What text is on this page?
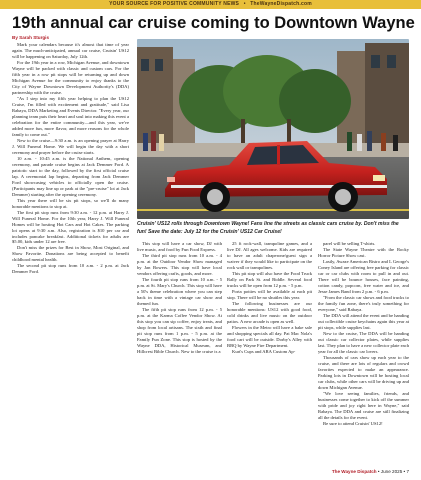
YOUR SOURCE FOR POSITIVE COMMUNITY NEWS • TheWayneDispatch.com
19th annual car cruise coming to Downtown Wayne
By Sarah Sturgis

Mark your calendars because it's almost that time of year again. The much-anticipated, annual car cruise, Cruisin' US12 will be happening on Saturday, July 12th.

For the 19th year in a row, Michigan Avenue, and downtown Wayne will be packed with classic and custom cars. For the fifth year in a row pit stops will be returning up and down Michigan Avenue for the community to enjoy thanks to the City of Wayne Downtown Development Authority's (DDA) partnership with the cruise.

"As I step into my fifth year helping to plan the US12 Cruise, I'm filled with excitement and gratitude," said Lisa Rabaya, DDA Marketing and Events Director. "Every year, our planning team puts their heart and soul into making this event a celebration for the entire community—and this year, we've added more fun, more flavor, and more reasons for the whole family to come out."

New to the cruise—9:30 a.m. is an opening prayer at Harry J. Will Funeral Home. We will begin the day with a short ceremony and prayer before the cruise starts.

10 a.m. - 10:45 a.m. is the National Anthem, opening ceremony, and parade cruise begins at Jack Demmer Ford. A patriotic start to the day, followed by the first official cruise lap. A ceremonial lap begins, departing from Jack Demmer Ford showcasing vehicles to officially open the cruise. (Participants may line up or park at the "pre-cruise" lot at Jack Demmer) starting after the opening ceremony.

This year there will be six pit stops, so we'll do many honorable mentions to stop at.

The first pit stop runs from 9:30 a.m. - 12 p.m. at Harry J. Will Funeral Home. For the 10th year, Harry J. Will Funeral Homes will be hosting Hot Cars and Hot Cakes. The parking lot opens at 9:30 a.m. Also, registration is $10 per car and includes pancake breakfast. Additional tickets for adults are $5.00, kids under 12 are free.

Don't miss the prizes for Best in Show, Most Original, and Show Favorite. Donations are being accepted to benefit childhood mental health.

The second pit stop runs from 10 a.m. - 2 p.m. at Jack Demmer Ford.

Cruisin' US12 rolls through Downtown Wayne! Fans line the streets as classic cars cruise by. Don't miss the fun! Save the date: July 12 for the Cruisin' US12 Car Cruise!

This stop will have a car show, DJ with live music, and food by Fun Food Express.

The third pit stop runs from 10 a.m. - 4 p.m. at the Outdoor Vendor Show managed by Jan Bowers. This stop will have local vendors offering crafts, goods, and more.

The fourth pit stop runs from 10 a.m. - 5 p.m. at St. Mary's Church. This stop will have a 50's theme celebration where you can step back in time with a vintage car show and themed fun.

The fifth pit stop runs from 12 p.m. - 5 p.m. at the Karma Coffee Vendor Show. At this stop you can sip coffee, enjoy treats, and shop from local artisans. The sixth and final pit stop runs from 1 p.m. - 5 p.m. at the Family Fun Zone. This stop is hosted by the Wayne DDA, Historical Museum, and Hillcrest Bible Church. New to the cruise is a

25 ft rock-wall, trampoline games, and a live DJ. All ages welcome. Kids are required to have an adult chaperone/guest sign a waiver if they would like to participate on the rock wall or trampolines.

This pit stop will also have the Food Truck Rally on Park St. and Biddle. Several food trucks will be open from 12 p.m. - 5 p.m.

Porta potties will be available at each pit stop. There will be no shuttles this year.

The following businesses are our honorable mentions: US12 with good food, cold drinks and live music on the outdoor patios. A new arcade is open as well.

Flowers in the Metro will have a bake sale and shopping specials all day. Pat Mac Nola's food cart will be outside. Dorby's Alley with BBQ by Wayne Fire Department.

Kurt's Cups and ARA Custom Ap-

parel will be selling T-shirts.

The State Wayne Theatre with the Rocky Horror Picture Show cast.

Lastly, Awaze American Bistro and L George's Coney Island are offering free parking for classic car or car clubs with room to pull in and out. There will be bounce houses, face painting, cotton candy, popcorn, free water and ice, and Jesse James Band from 2 p.m. - 6 p.m.

"From the classic car shows and food trucks to the family fun zone, there's truly something for everyone," said Rabaya.

The DDA will attend the event and be handing out collectible cruise keychains again this year at pit stops, while supplies last.

New to the cruise, The DDA will be handing out classic car collector plates, while supplies last. They plan to have a new collector plate each year for all the classic car lovers.

Thousands of cars show up each year to the cruise, and there are lots of regulars and crowd favorites expected to make an appearance. Parking lots in Downtown will be hosting local car clubs, while other cars will be driving up and down Michigan Avenue.

"We love seeing families, friends, and businesses come together to kick off the summer with pride and joy right here in Wayne," said Rabaya. The DDA and cruise are still finalizing all the details for the event.

Be sure to attend Cruisin' US12!

The Wayne Dispatch • June 2025 • 7
